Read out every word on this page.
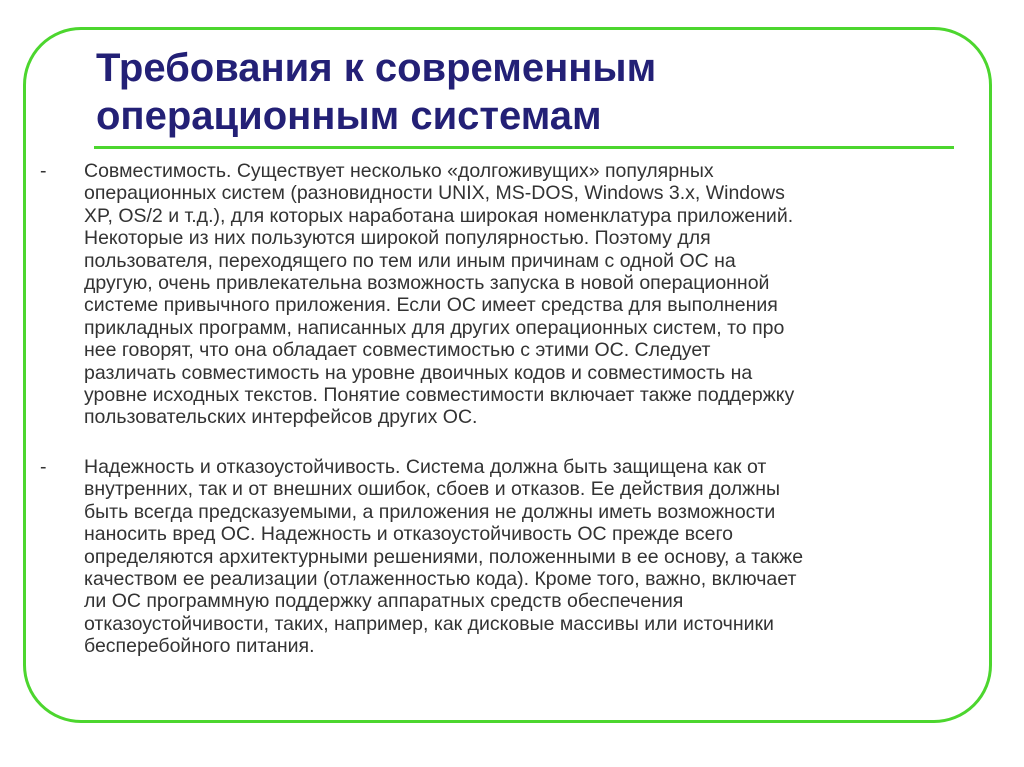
Требования к современным
операционным системам

- Совместимость. Существует несколько «долгоживущих» популярных
операционных систем (разновидности UNIX, MS-DOS, Windows 3.x, Windows
XP, OS/2 и т.д.), для которых наработана широкая номенклатура приложений.
Некоторые из них пользуются широкой популярностью. Поэтому для
пользователя, переходящего по тем или иным причинам с одной ОС на
другую, очень привлекательна возможность запуска в новой операционной
системе привычного приложения. Если ОС имеет средства для выполнения
прикладных программ, написанных для других операционных систем, то про
нее говорят, что она обладает совместимостью с этими ОС. Следует
различать совместимость на уровне двоичных кодов и совместимость на
уровне исходных текстов. Понятие совместимости включает также поддержку
пользовательских интерфейсов других ОС.

- Надежность и отказоустойчивость. Система должна быть защищена как от
внутренних, так и от внешних ошибок, сбоев и отказов. Ее действия должны
быть всегда предсказуемыми, а приложения не должны иметь возможности
наносить вред ОС. Надежность и отказоустойчивость ОС прежде всего
определяются архитектурными решениями, положенными в ее основу, а также
качеством ее реализации (отлаженностью кода). Кроме того, важно, включает
ли ОС программную поддержку аппаратных средств обеспечения
отказоустойчивости, таких, например, как дисковые массивы или источники
бесперебойного питания.
